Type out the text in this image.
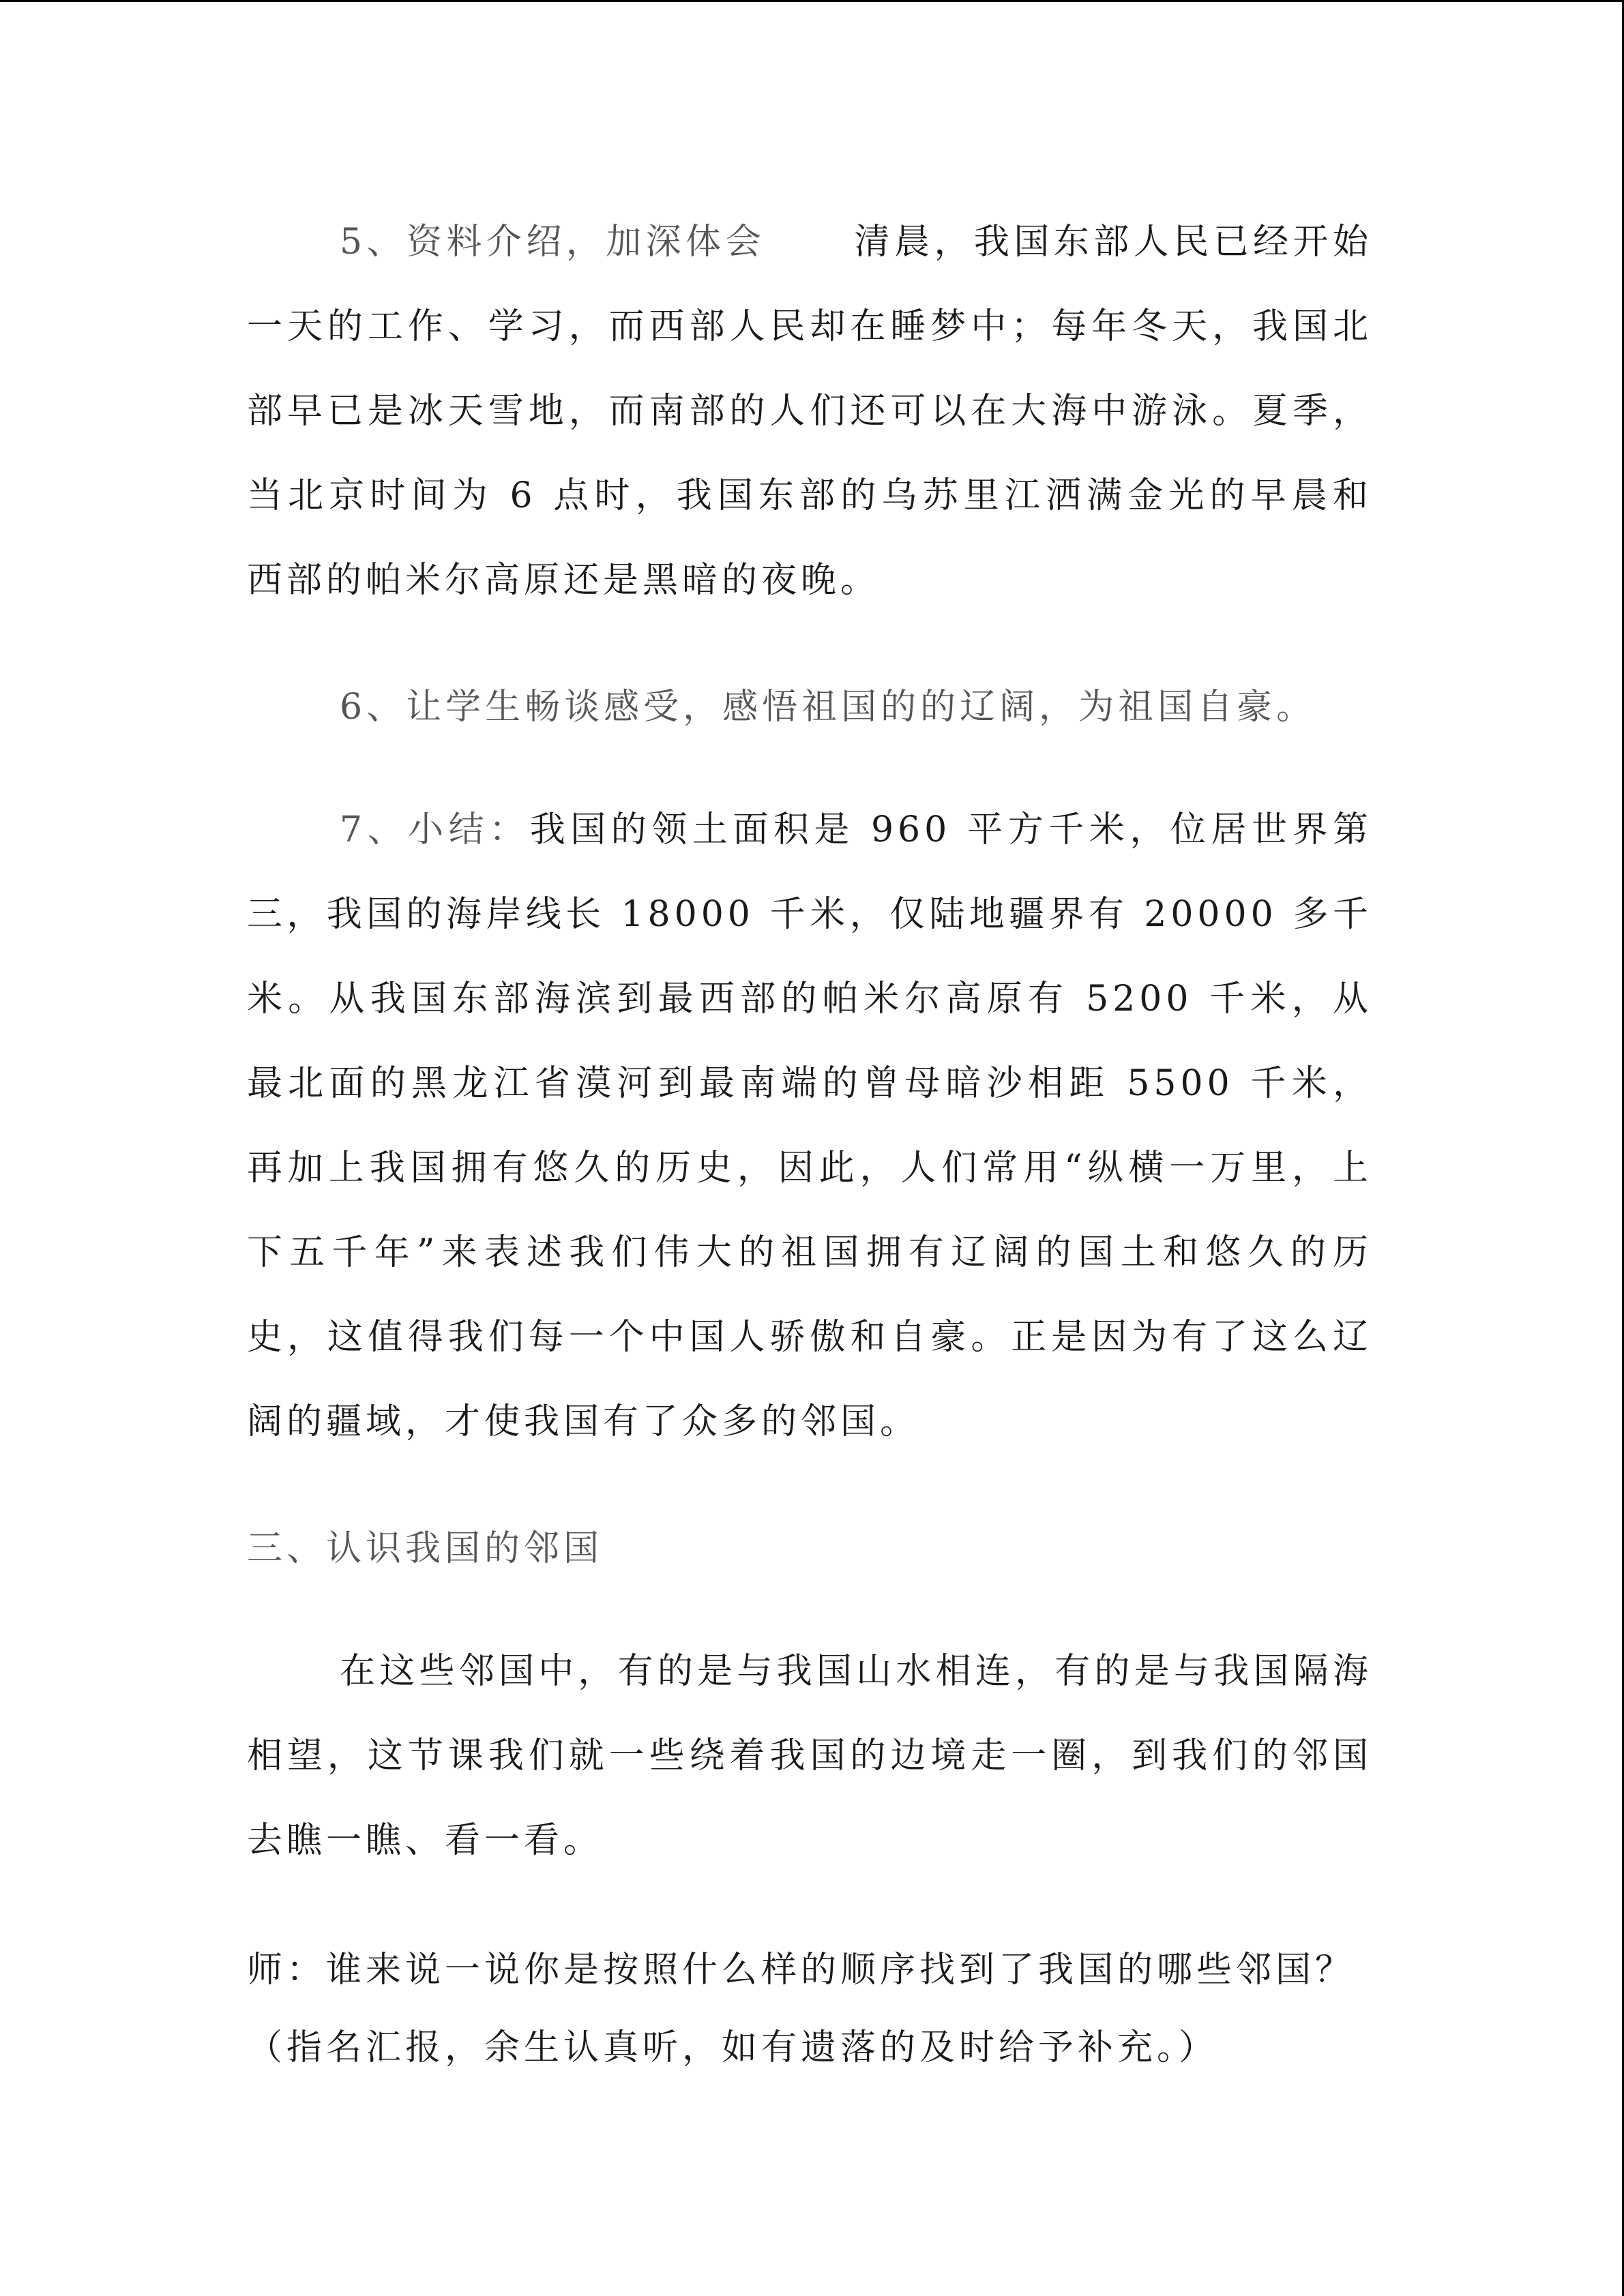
5、资料介绍，加深体会	清晨，我国东部人民已经开始一天的工作、学习，而西部人民却在睡梦中；每年冬天，我国北部早已是冰天雪地，而南部的人们还可以在大海中游泳。夏季，当北京时间为 6 点时，我国东部的乌苏里江洒满金光的早晨和西部的帕米尔高原还是黑暗的夜晚。

6、让学生畅谈感受，感悟祖国的的辽阔，为祖国自豪。

7、小结：我国的领土面积是 960 平方千米，位居世界第三，我国的海岸线长 18000 千米，仅陆地疆界有 20000 多千米。从我国东部海滨到最西部的帕米尔高原有 5200 千米，从最北面的黑龙江省漠河到最南端的曾母暗沙相距 5500 千米，再加上我国拥有悠久的历史，因此，人们常用“纵横一万里，上下五千年”来表述我们伟大的祖国拥有辽阔的国土和悠久的历史，这值得我们每一个中国人骄傲和自豪。正是因为有了这么辽阔的疆域，才使我国有了众多的邻国。

三、认识我国的邻国

在这些邻国中，有的是与我国山水相连，有的是与我国隔海相望，这节课我们就一些绕着我国的边境走一圈，到我们的邻国去瞧一瞧、看一看。

师：谁来说一说你是按照什么样的顺序找到了我国的哪些邻国？

（指名汇报，余生认真听，如有遗落的及时给予补充。）
